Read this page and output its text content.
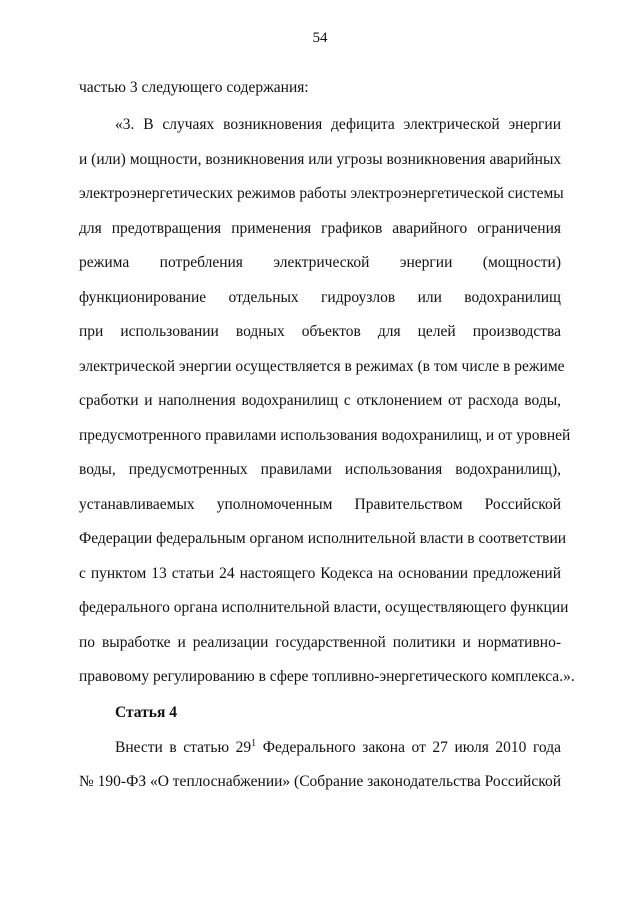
54
частью 3 следующего содержания:
«3. В случаях возникновения дефицита электрической энергии
и (или) мощности, возникновения или угрозы возникновения аварийных
электроэнергетических режимов работы электроэнергетической системы
для предотвращения применения графиков аварийного ограничения
режима потребления электрической энергии (мощности)
функционирование отдельных гидроузлов или водохранилищ
при использовании водных объектов для целей производства
электрической энергии осуществляется в режимах (в том числе в режиме
сработки и наполнения водохранилищ с отклонением от расхода воды,
предусмотренного правилами использования водохранилищ, и от уровней
воды, предусмотренных правилами использования водохранилищ),
устанавливаемых уполномоченным Правительством Российской
Федерации федеральным органом исполнительной власти в соответствии
с пунктом 13 статьи 24 настоящего Кодекса на основании предложений
федерального органа исполнительной власти, осуществляющего функции
по выработке и реализации государственной политики и нормативно-
правовому регулированию в сфере топливно-энергетического комплекса.».
Статья 4
Внести в статью $29^1$ Федерального закона от 27 июля 2010 года
№ 190-ФЗ «О теплоснабжении» (Собрание законодательства Российской
